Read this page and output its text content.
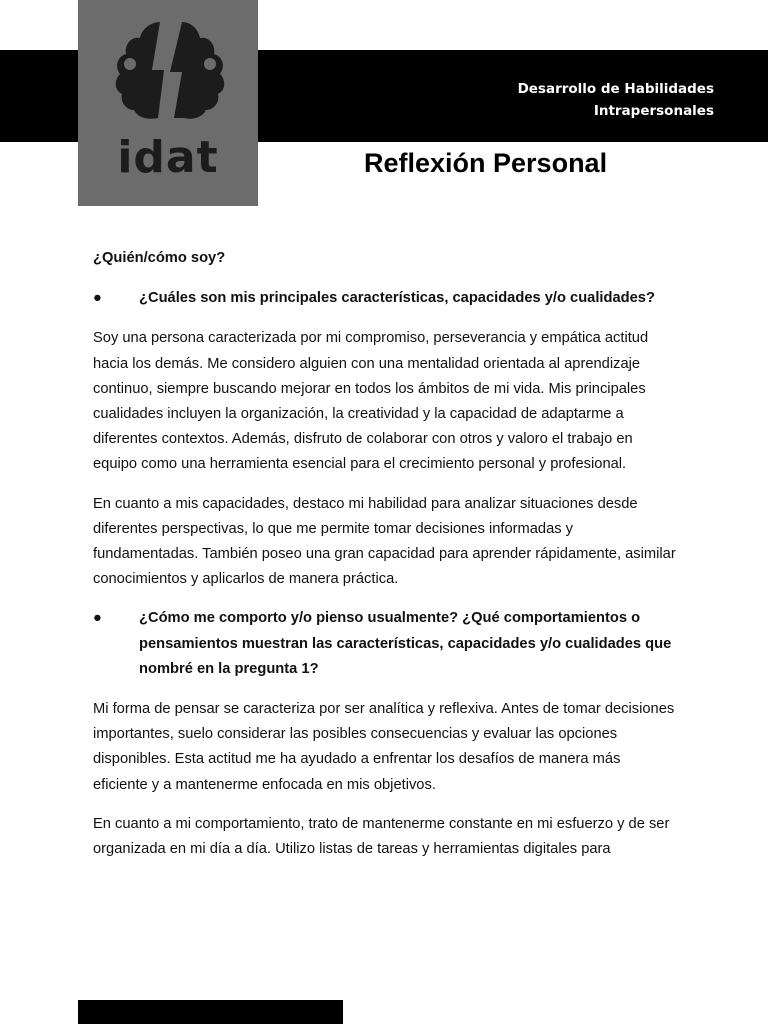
Desarrollo de Habilidades
Intrapersonales
idat	Reflexión Personal
¿Quién/cómo soy?
●	¿Cuáles son mis principales características, capacidades y/o cualidades?

Soy una persona caracterizada por mi compromiso, perseverancia y empática actitud hacia los demás. Me considero alguien con una mentalidad orientada al aprendizaje continuo, siempre buscando mejorar en todos los ámbitos de mi vida. Mis principales cualidades incluyen la organización, la creatividad y la capacidad de adaptarme a diferentes contextos. Además, disfruto de colaborar con otros y valoro el trabajo en equipo como una herramienta esencial para el crecimiento personal y profesional.

En cuanto a mis capacidades, destaco mi habilidad para analizar situaciones desde diferentes perspectivas, lo que me permite tomar decisiones informadas y fundamentadas. También poseo una gran capacidad para aprender rápidamente, asimilar conocimientos y aplicarlos de manera práctica.

●	¿Cómo me comporto y/o pienso usualmente? ¿Qué comportamientos o pensamientos muestran las características, capacidades y/o cualidades que nombré en la pregunta 1?

Mi forma de pensar se caracteriza por ser analítica y reflexiva. Antes de tomar decisiones importantes, suelo considerar las posibles consecuencias y evaluar las opciones disponibles. Esta actitud me ha ayudado a enfrentar los desafíos de manera más eficiente y a mantenerme enfocada en mis objetivos.

En cuanto a mi comportamiento, trato de mantenerme constante en mi esfuerzo y de ser organizada en mi día a día. Utilizo listas de tareas y herramientas digitales para
